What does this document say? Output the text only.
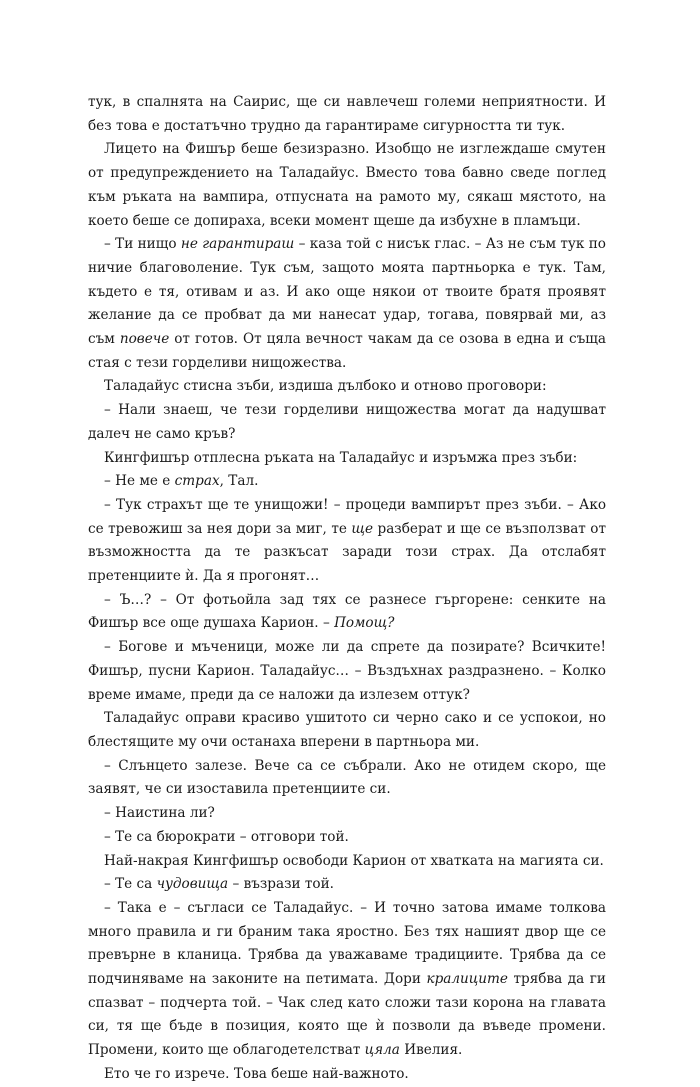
тук, в спалнята на Саирис, ще си навлечеш големи неприятности. И без това е достатъчно трудно да гарантираме сигурността ти тук.

Лицето на Фишър беше безизразно. Изобщо не изглеждаше смутен от предупреждението на Таладайус. Вместо това бавно сведе поглед към ръката на вампира, отпусната на рамото му, сякаш мястото, на което беше се допираха, всеки момент щеше да избухне в пламъци.

– Ти нищо не гарантираш – каза той с нисък глас. – Аз не съм тук по ничие благоволение. Тук съм, защото моята партньорка е тук. Там, където е тя, отивам и аз. И ако още някои от твоите братя проявят желание да се пробват да ми нанесат удар, тогава, повярвай ми, аз съм повече от готов. От цяла вечност чакам да се озова в една и съща стая с тези горделиви нищожества.

Таладайус стисна зъби, издиша дълбоко и отново проговори:

– Нали знаеш, че тези горделиви нищожества могат да надушват далеч не само кръв?

Кингфишър отплесна ръката на Таладайус и изръмжа през зъби:

– Не ме е страх, Тал.

– Тук страхът ще те унищожи! – процеди вампирът през зъби. – Ако се тревожиш за нея дори за миг, те ще разберат и ще се възползват от възможността да те разкъсат заради този страх. Да отслабят претенциите ѝ. Да я прогонят…

– Ъ…? – От фотьойла зад тях се разнесе гъргорене: сенките на Фишър все още душаха Карион. – Помощ?

– Богове и мъченици, може ли да спрете да позирате? Всичките! Фишър, пусни Карион. Таладайус… – Въздъхнах раздразнено. – Колко време имаме, преди да се наложи да излезем оттук?

Таладайус оправи красиво ушитото си черно сако и се успокои, но блестящите му очи останаха вперени в партньора ми.

– Слънцето залезе. Вече са се събрали. Ако не отидем скоро, ще заявят, че си изоставила претенциите си.

– Наистина ли?

– Те са бюрократи – отговори той.

Най-накрая Кингфишър освободи Карион от хватката на магията си.

– Те са чудовища – възрази той.

– Така е – съгласи се Таладайус. – И точно затова имаме толкова много правила и ги браним така яростно. Без тях нашият двор ще се превърне в кланица. Трябва да уважаваме традициите. Трябва да се подчиняваме на законите на петимата. Дори кралиците трябва да ги спазват – подчерта той. – Чак след като сложи тази корона на главата си, тя ще бъде в позиция, която ще ѝ позволи да въведе промени. Промени, които ще облагодетелстват цяла Ивелия.

Ето че го изрече. Това беше най-важното.
